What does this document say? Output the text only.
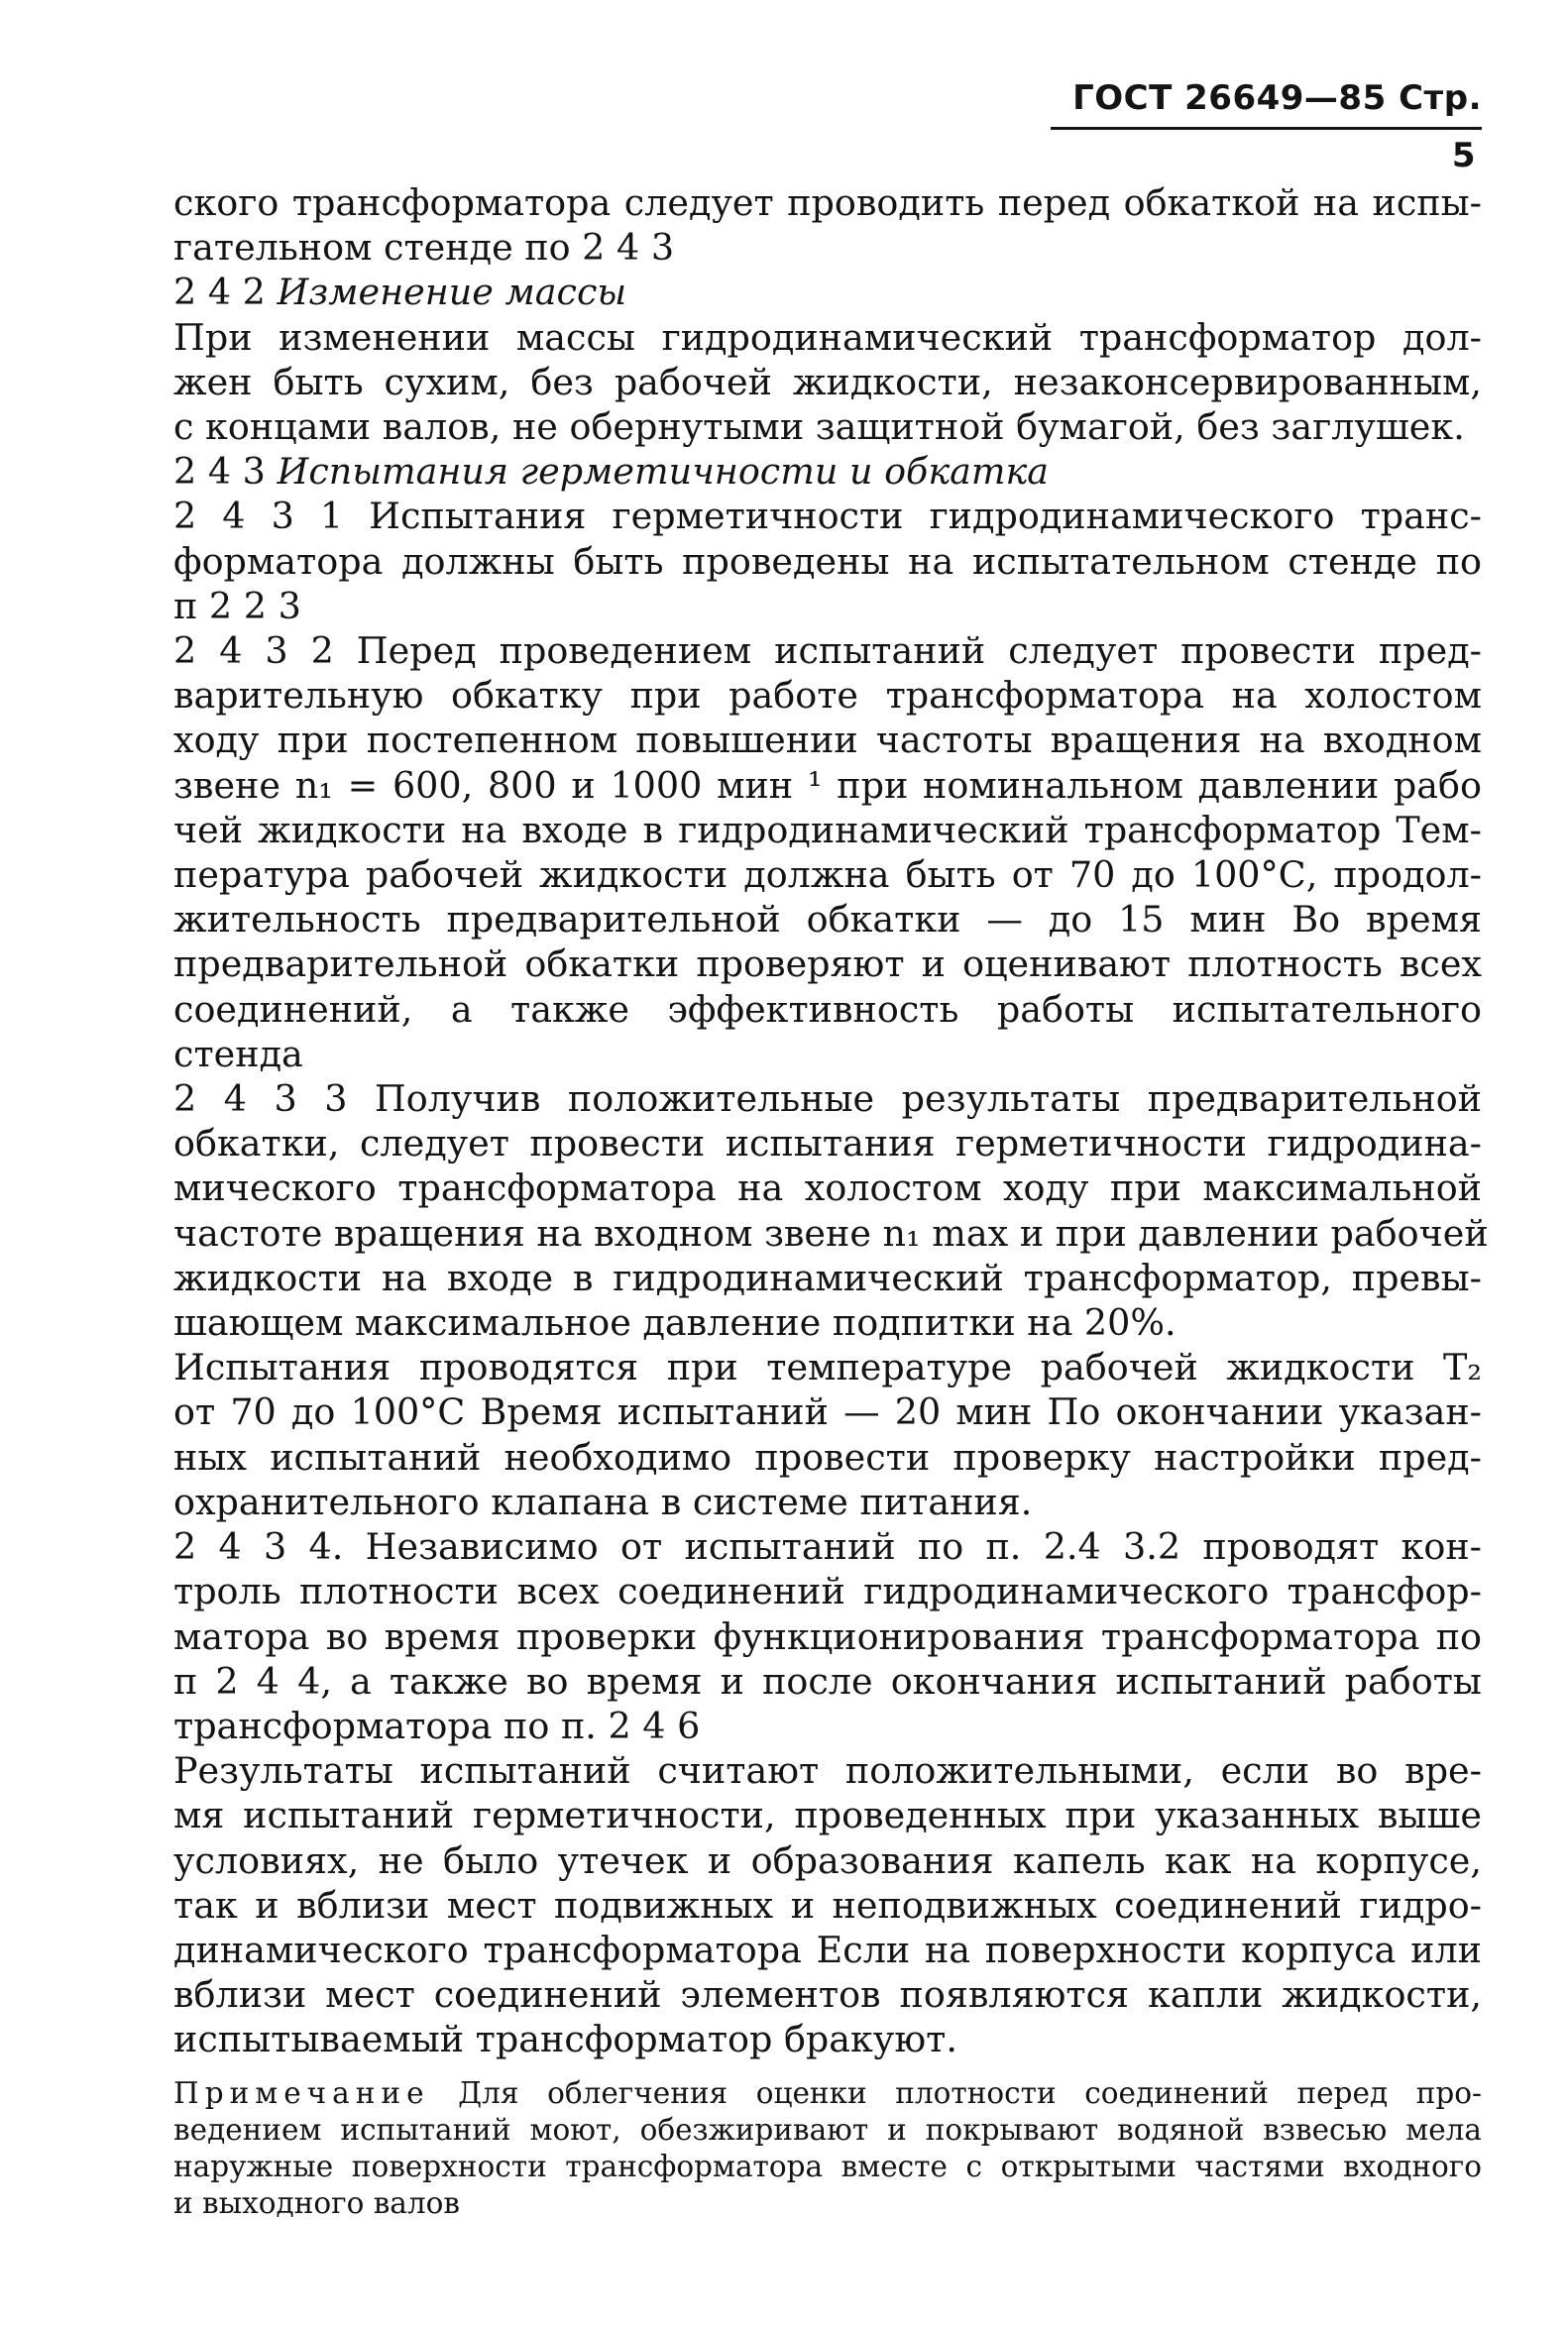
ГОСТ 26649—85 Стр. 5
ского трансформатора следует проводить перед обкаткой на испы-
гательном стенде по 2 4 3
2 4 2 Изменение массы
При изменении массы гидродинамический трансформатор дол-
жен быть сухим, без рабочей жидкости, незаконсервированным,
с концами валов, не обернутыми защитной бумагой, без заглушек.
2 4 3 Испытания герметичности и обкатка
2 4 3 1 Испытания герметичности гидродинамического транс-
форматора должны быть проведены на испытательном стенде по
п 2 2 3
2 4 3 2 Перед проведением испытаний следует провести пред-
варительную обкатку при работе трансформатора на холостом
ходу при постепенном повышении частоты вращения на входном
звене n₁ = 600, 800 и 1000 мин ¹ при номинальном давлении рабо
чей жидкости на входе в гидродинамический трансформатор Тем-
пература рабочей жидкости должна быть от 70 до 100°С, продол-
жительность предварительной обкатки — до 15 мин Во время
предварительной обкатки проверяют и оценивают плотность всех
соединений, а также эффективность работы испытательного
стенда
2 4 3 3 Получив положительные результаты предварительной
обкатки, следует провести испытания герметичности гидродина-
мического трансформатора на холостом ходу при максимальной
частоте вращения на входном звене n₁ max и при давлении рабочей
жидкости на входе в гидродинамический трансформатор, превы-
шающем максимальное давление подпитки на 20%.
Испытания проводятся при температуре рабочей жидкости T₂
от 70 до 100°С Время испытаний — 20 мин По окончании указан-
ных испытаний необходимо провести проверку настройки пред-
охранительного клапана в системе питания.
2 4 3 4. Независимо от испытаний по п. 2.4 3.2 проводят кон-
троль плотности всех соединений гидродинамического трансфор-
матора во время проверки функционирования трансформатора по
п 2 4 4, а также во время и после окончания испытаний работы
трансформатора по п. 2 4 6
Результаты испытаний считают положительными, если во вре-
мя испытаний герметичности, проведенных при указанных выше
условиях, не было утечек и образования капель как на корпусе,
так и вблизи мест подвижных и неподвижных соединений гидро-
динамического трансформатора Если на поверхности корпуса или
вблизи мест соединений элементов появляются капли жидкости,
испытываемый трансформатор бракуют.
Примечание Для облегчения оценки плотности соединений перед про-
ведением испытаний моют, обезжиривают и покрывают водяной взвесью мела
наружные поверхности трансформатора вместе с открытыми частями входного
и выходного валов
